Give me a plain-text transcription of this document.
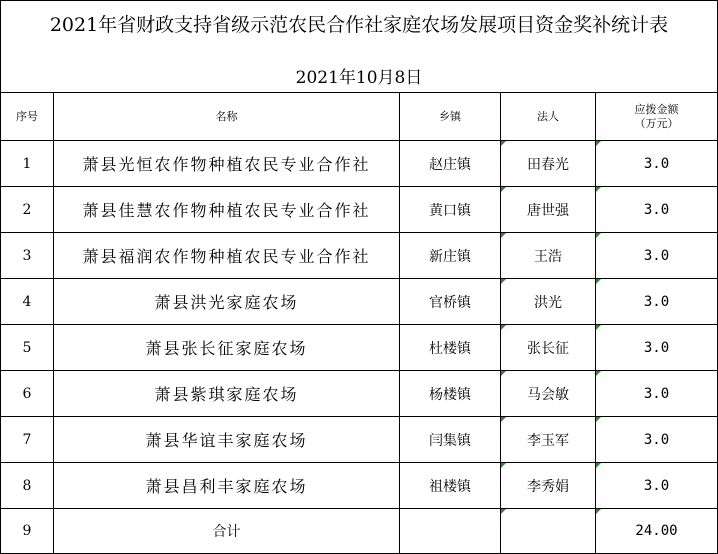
2021年省财政支持省级示范农民合作社家庭农场发展项目资金奖补统计表
2021年10月8日
序号	名称	乡镇	法人	应拨金额
（万元）

1	萧县光恒农作物种植农民专业合作社	赵庄镇	田春光	3.0
2	萧县佳慧农作物种植农民专业合作社	黄口镇	唐世强	3.0
3	萧县福润农作物种植农民专业合作社	新庄镇	王浩	3.0
4	萧县洪光家庭农场	官桥镇	洪光	3.0
5	萧县张长征家庭农场	杜楼镇	张长征	3.0
6	萧县紫琪家庭农场	杨楼镇	马会敏	3.0
7	萧县华谊丰家庭农场	闫集镇	李玉军	3.0
8	萧县昌利丰家庭农场	祖楼镇	李秀娟	3.0
9	合计			24.00
